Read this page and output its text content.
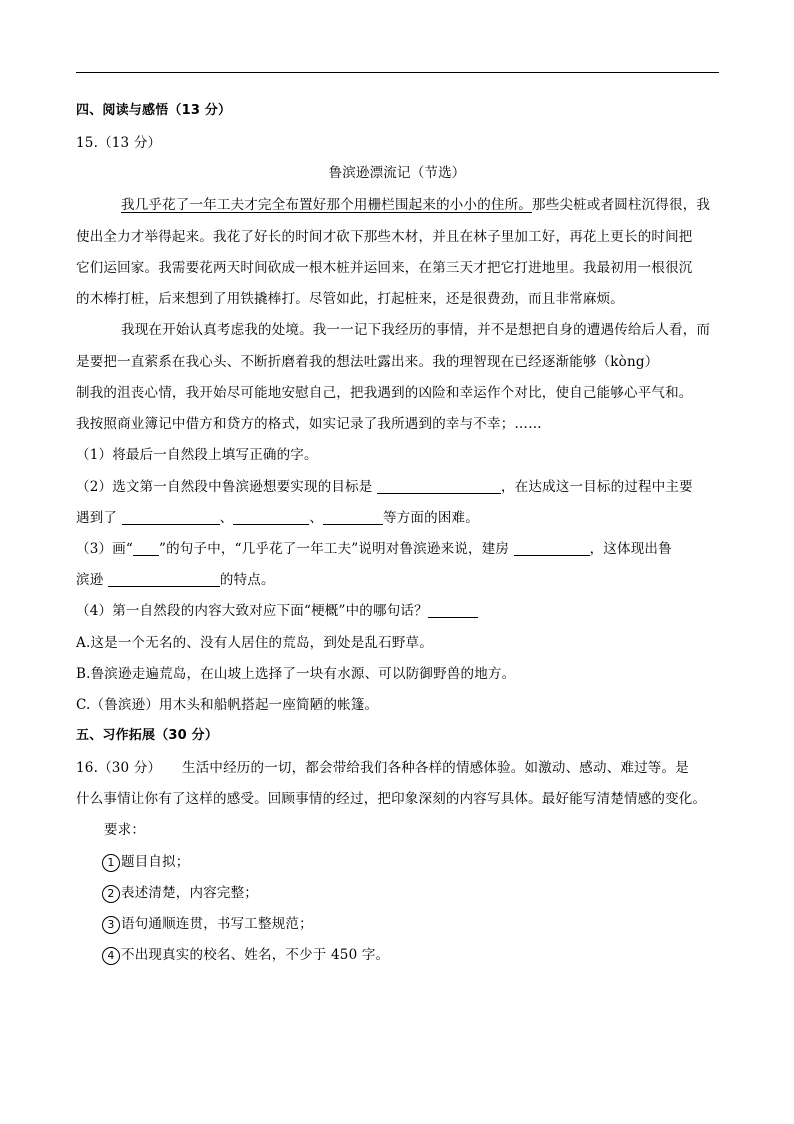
四、阅读与感悟（13 分）
15.（13 分）
鲁滨逊漂流记（节选）
我几乎花了一年工夫才完全布置好那个用栅栏围起来的小小的住所。那些尖桩或者圆柱沉得很，我
使出全力才举得起来。我花了好长的时间才砍下那些木材，并且在林子里加工好，再花上更长的时间把
它们运回家。我需要花两天时间砍成一根木桩并运回来，在第三天才把它打进地里。我最初用一根很沉
的木棒打桩，后来想到了用铁撬棒打。尽管如此，打起桩来，还是很费劲，而且非常麻烦。
我现在开始认真考虑我的处境。我一一记下我经历的事情，并不是想把自身的遭遇传给后人看，而
是要把一直萦系在我心头、不断折磨着我的想法吐露出来。我的理智现在已经逐渐能够（kòng）
制我的沮丧心情，我开始尽可能地安慰自己，把我遇到的凶险和幸运作个对比，使自己能够心平气和。
我按照商业簿记中借方和贷方的格式，如实记录了我所遇到的幸与不幸；……
（1）将最后一自然段上填写正确的字。
（2）选文第一自然段中鲁滨逊想要实现的目标是	，在达成这一目标的过程中主要
遇到了	、	、	等方面的困难。
（3）画“ ”的句子中，“几乎花了一年工夫”说明对鲁滨逊来说，建房	，这体现出鲁
滨逊	的特点。
（4）第一自然段的内容大致对应下面“梗概”中的哪句话？
A.这是一个无名的、没有人居住的荒岛，到处是乱石野草。
B.鲁滨逊走遍荒岛，在山坡上选择了一块有水源、可以防御野兽的地方。
C.（鲁滨逊）用木头和船帆搭起一座简陋的帐篷。
五、习作拓展（30 分）
16.（30 分） 生活中经历的一切，都会带给我们各种各样的情感体验。如激动、感动、难过等。是
什么事情让你有了这样的感受。回顾事情的经过，把印象深刻的内容写具体。最好能写清楚情感的变化。
要求：
1 题目自拟；
2 表述清楚，内容完整；
3 语句通顺连贯，书写工整规范；
4 不出现真实的校名、姓名，不少于 450 字。
